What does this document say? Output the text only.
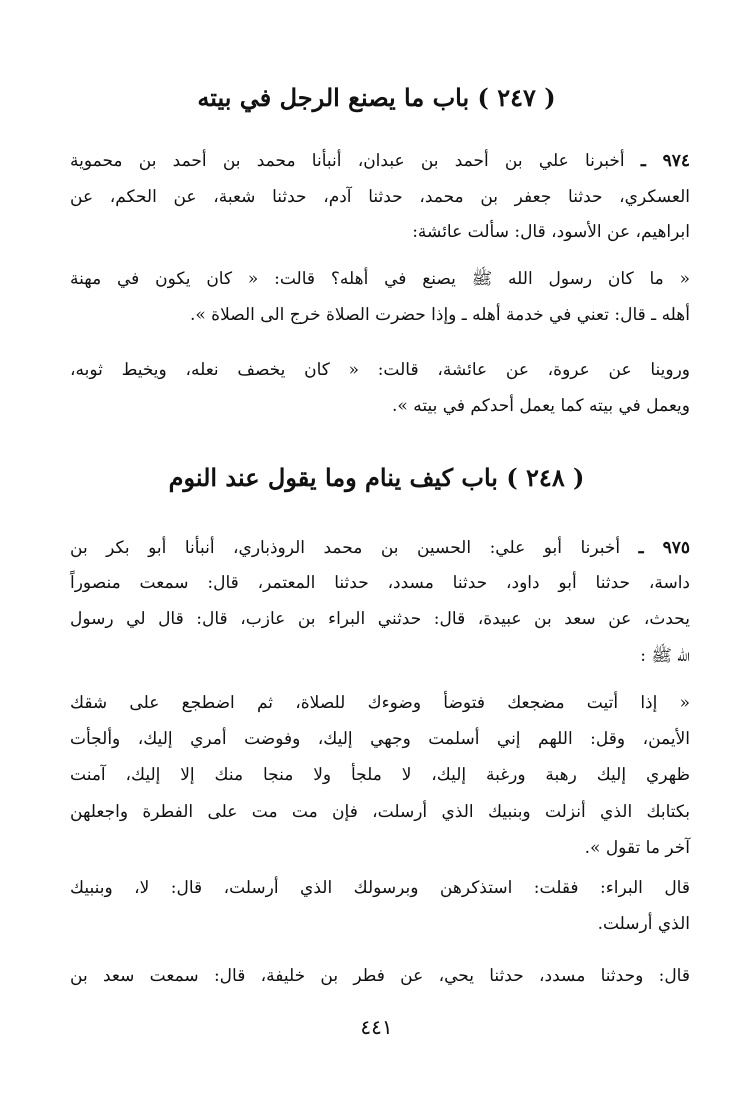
( ٢٤٧ ) باب ما يصنع الرجل في بيته
٩٧٤ ـ أخبرنا علي بن أحمد بن عبدان، أنبأنا محمد بن أحمد بن محموية
العسكري، حدثنا جعفر بن محمد، حدثنا آدم، حدثنا شعبة، عن الحكم، عن
ابراهيم، عن الأسود، قال: سألت عائشة:
« ما كان رسول الله ﷺ يصنع في أهله؟ قالت: « كان يكون في مهنة
أهله ـ قال: تعني في خدمة أهله ـ وإذا حضرت الصلاة خرج الى الصلاة ».
وروينا عن عروة، عن عائشة، قالت: « كان يخصف نعله، ويخيط ثوبه،
ويعمل في بيته كما يعمل أحدكم في بيته ».
( ٢٤٨ ) باب كيف ينام وما يقول عند النوم
٩٧٥ ـ أخبرنا أبو علي: الحسين بن محمد الروذباري، أنبأنا أبو بكر بن
داسة، حدثنا أبو داود، حدثنا مسدد، حدثنا المعتمر، قال: سمعت منصوراً
يحدث، عن سعد بن عبيدة، قال: حدثني البراء بن عازب، قال: قال لي رسول
الله ﷺ :
« إذا أتيت مضجعك فتوضأ وضوءك للصلاة، ثم اضطجع على شقك
الأيمن، وقل: اللهم إني أسلمت وجهي إليك، وفوضت أمري إليك، وألجأت
ظهري إليك رهبة ورغبة إليك، لا ملجأ ولا منجا منك إلا إليك، آمنت
بكتابك الذي أنزلت وبنبيك الذي أرسلت، فإن مت مت على الفطرة واجعلهن
آخر ما تقول ».
قال البراء: فقلت: استذكرهن وبرسولك الذي أرسلت، قال: لا، وبنبيك
الذي أرسلت.
قال: وحدثنا مسدد، حدثنا يحي، عن فطر بن خليفة، قال: سمعت سعد بن
٤٤١
